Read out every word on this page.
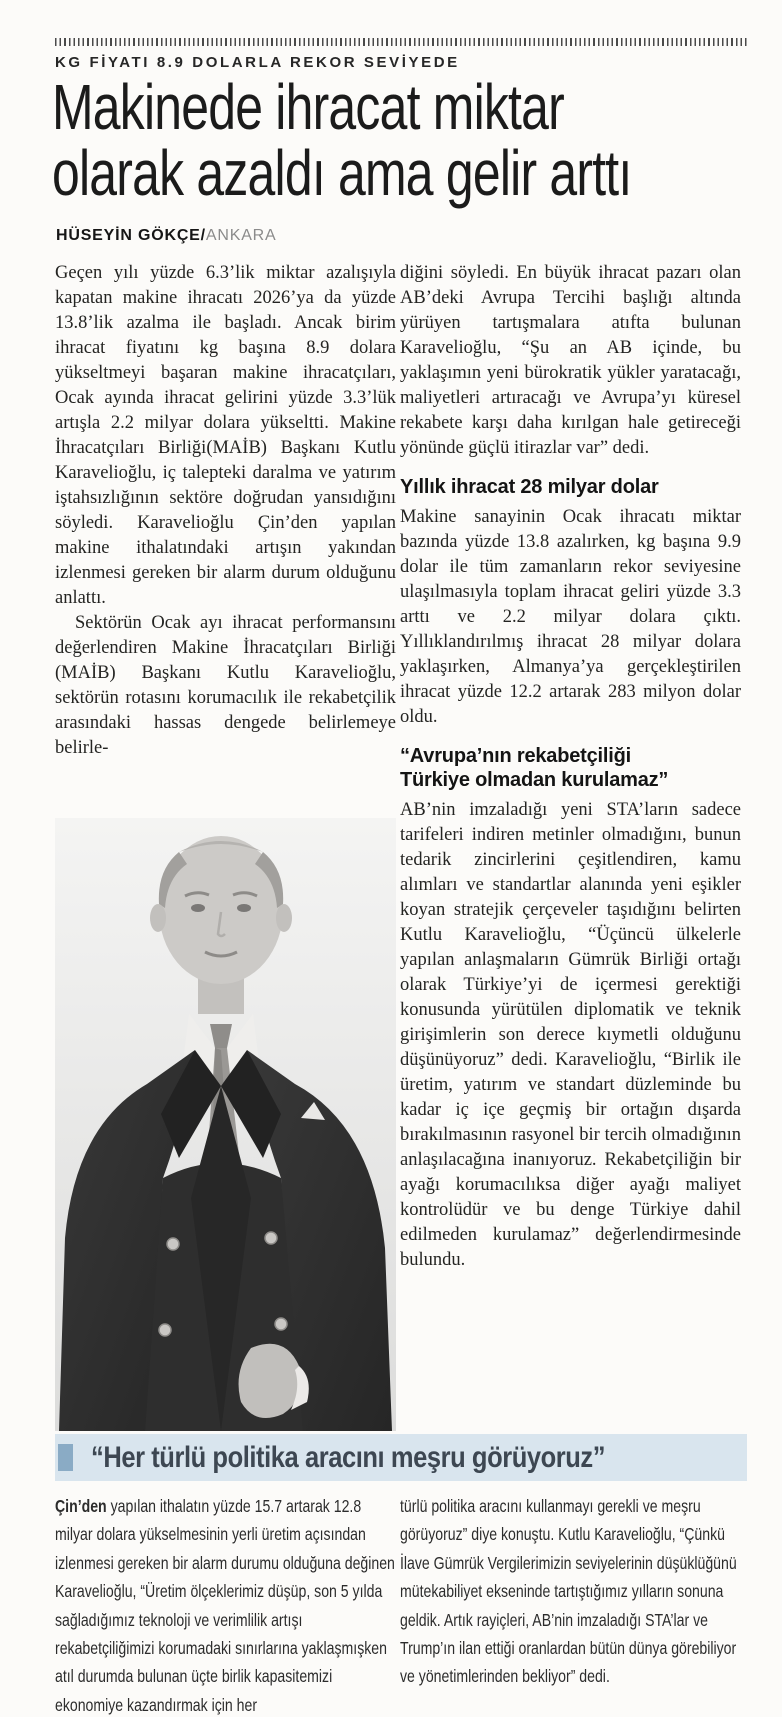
KG FİYATI 8.9 DOLARLA REKOR SEVİYEDE
Makinede ihracat miktar
olarak azaldı ama gelir arttı
HÜSEYİN GÖKÇE/ANKARA

Geçen yılı yüzde 6.3’lik miktar azalışıyla kapatan makine ihracatı 2026’ya da yüzde 13.8’lik azalma ile başladı. Ancak birim ihracat fiyatını kg başına 8.9 dolara yükseltmeyi başaran makine ihracatçıları, Ocak ayında ihracat gelirini yüzde 3.3’lük artışla 2.2 milyar dolara yükseltti. Makine İhracatçıları Birliği(MAİB) Başkanı Kutlu Karavelioğlu, iç talepteki daralma ve yatırım iştahsızlığının sektöre doğrudan yansıdığını söyledi. Karavelioğlu Çin’den yapılan makine ithalatındaki artışın yakından izlenmesi gereken bir alarm durum olduğunu anlattı.

Sektörün Ocak ayı ihracat performansını değerlendiren Makine İhracatçıları Birliği (MAİB) Başkanı Kutlu Karavelioğlu, sektörün rotasını korumacılık ile rekabetçilik arasındaki hassas dengede belirlemeye belirle-

diğini söyledi. En büyük ihracat pazarı olan AB’deki Avrupa Tercihi başlığı altında yürüyen tartışmalara atıfta bulunan Karavelioğlu, “Şu an AB içinde, bu yaklaşımın yeni bürokratik yükler yaratacağı, maliyetleri artıracağı ve Avrupa’yı küresel rekabete karşı daha kırılgan hale getireceği yönünde güçlü itirazlar var” dedi.

Yıllık ihracat 28 milyar dolar

Makine sanayinin Ocak ihracatı miktar bazında yüzde 13.8 azalırken, kg başına 9.9 dolar ile tüm zamanların rekor seviyesine ulaşılmasıyla toplam ihracat geliri yüzde 3.3 arttı ve 2.2 milyar dolara çıktı. Yıllıklandırılmış ihracat 28 milyar dolara yaklaşırken, Almanya’ya gerçekleştirilen ihracat yüzde 12.2 artarak 283 milyon dolar oldu.

“Avrupa’nın rekabetçiliği
Türkiye olmadan kurulamaz”

AB’nin imzaladığı yeni STA’ların sadece tarifeleri indiren metinler olmadığını, bunun tedarik zincirlerini çeşitlendiren, kamu alımları ve standartlar alanında yeni eşikler koyan stratejik çerçeveler taşıdığını belirten Kutlu Karavelioğlu, “Üçüncü ülkelerle yapılan anlaşmaların Gümrük Birliği ortağı olarak Türkiye’yi de içermesi gerektiği konusunda yürütülen diplomatik ve teknik girişimlerin son derece kıymetli olduğunu düşünüyoruz” dedi. Karavelioğlu, “Birlik ile üretim, yatırım ve standart düzleminde bu kadar iç içe geçmiş bir ortağın dışarda bırakılmasının rasyonel bir tercih olmadığının anlaşılacağına inanıyoruz. Rekabetçiliğin bir ayağı korumacılıksa diğer ayağı maliyet kontrolüdür ve bu denge Türkiye dahil edilmeden kurulamaz” değerlendirmesinde bulundu.

“Her türlü politika aracını meşru görüyoruz”

Çin’den yapılan ithalatın yüzde 15.7 artarak 12.8 milyar dolara yükselmesinin yerli üretim açısından izlenmesi gereken bir alarm durumu olduğuna değinen Karavelioğlu, “Üretim ölçeklerimiz düşüp, son 5 yılda sağladığımız teknoloji ve verimlilik artışı rekabetçiliğimizi korumadaki sınırlarına yaklaşmışken atıl durumda bulunan üçte birlik kapasitemizi ekonomiye kazandırmak için her

türlü politika aracını kullanmayı gerekli ve meşru görüyoruz” diye konuştu. Kutlu Karavelioğlu, “Çünkü İlave Gümrük Vergilerimizin seviyelerinin düşüklüğünü mütekabiliyet ekseninde tartıştığımız yılların sonuna geldik. Artık rayiçleri, AB’nin imzaladığı STA’lar ve Trump’ın ilan ettiği oranlardan bütün dünya görebiliyor ve yönetimlerinden bekliyor” dedi.
